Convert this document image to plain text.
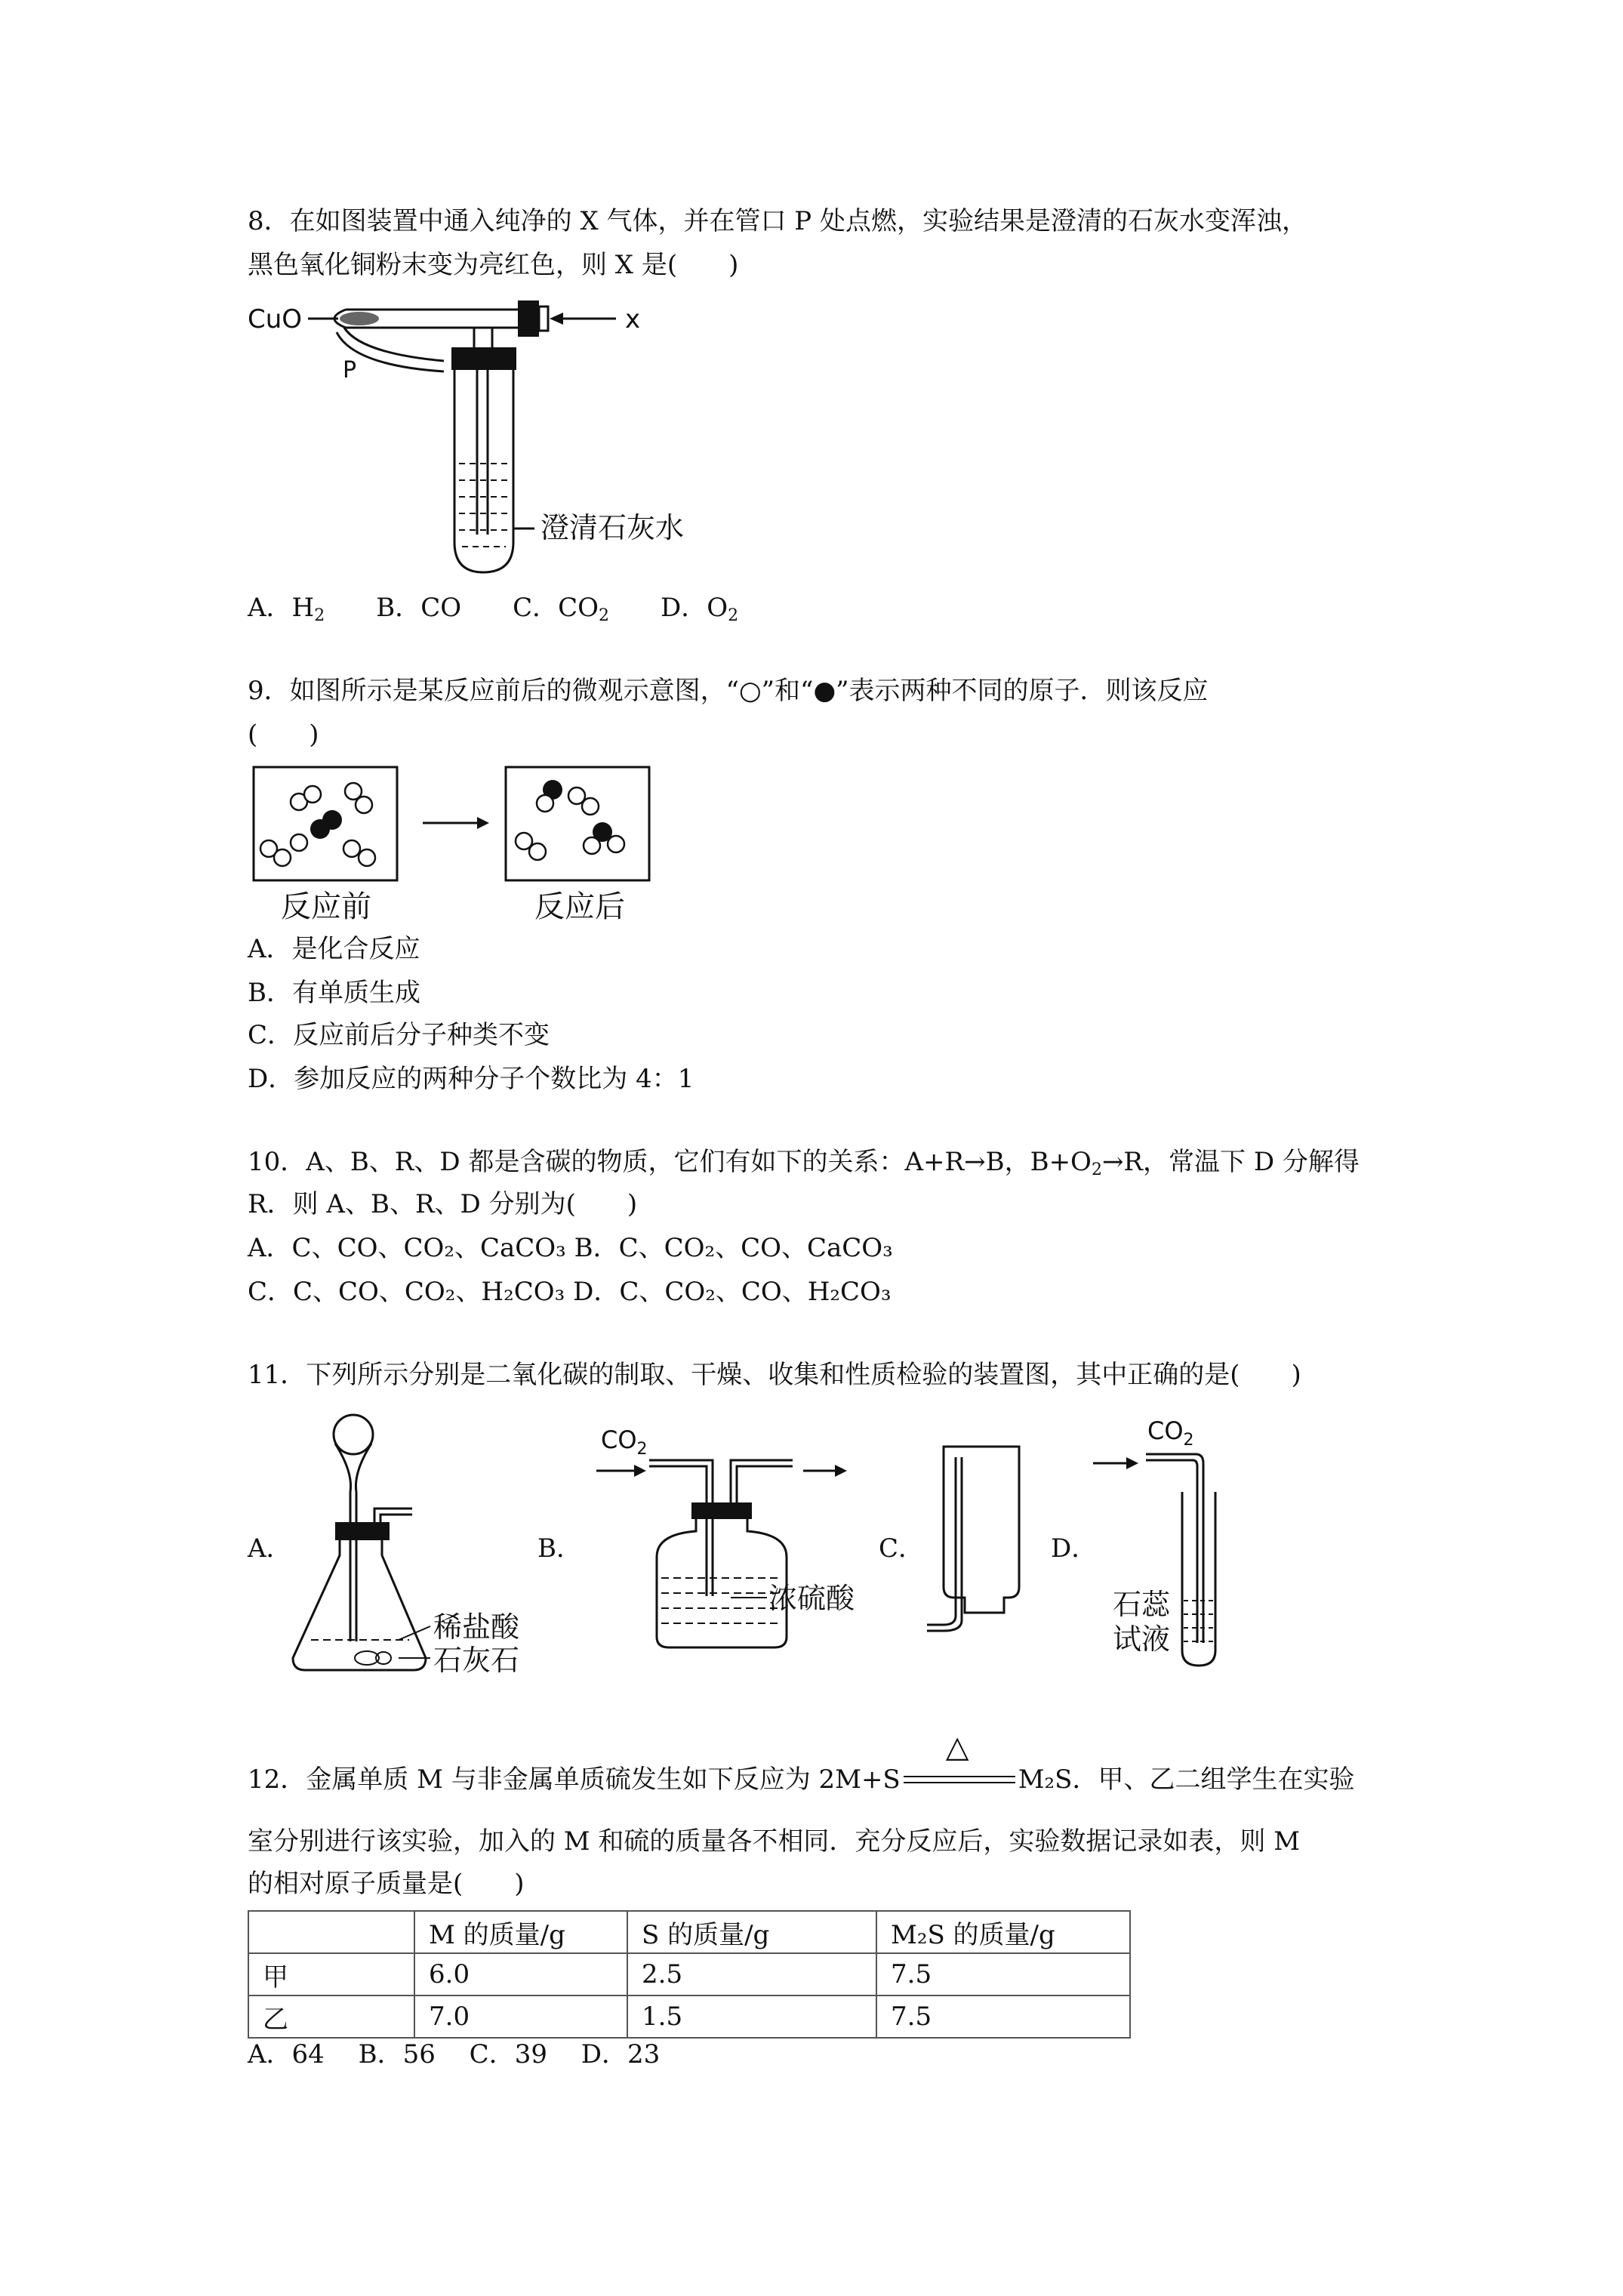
8．在如图装置中通入纯净的 X 气体，并在管口 P 处点燃，实验结果是澄清的石灰水变浑浊，
黑色氧化铜粉末变为亮红色，则 X 是(　　)
x
CuO
P
澄清石灰水
A．$H_2$　　 B．CO　　 C．$CO_2$　　 D．$O_2$
9．如图所示是某反应前后的微观示意图，“○”和“●”表示两种不同的原子．则该反应
(　　)
反应前	反应后
A．是化合反应
B．有单质生成
C．反应前后分子种类不变
D．参加反应的两种分子个数比为 4：1
10．A、B、R、D 都是含碳的物质，它们有如下的关系：A+R→B，$B+O_2\to R$，常温下 D 分解得
R．则 A、B、R、D 分别为(　　)
A．C、CO、CO₂、CaCO₃ B．C、CO₂、CO、CaCO₃
C．C、CO、CO₂、H₂CO₃ D．C、CO₂、CO、H₂CO₃
11．下列所示分别是二氧化碳的制取、干燥、收集和性质检验的装置图，其中正确的是(　　)
A．	B．	C．	D．
稀盐酸
石灰石
$CO_2$
浓硫酸
$CO_2$
石蕊
试液
12．金属单质 M 与非金属单质硫发生如下反应为 2M+S
△
M₂S．甲、乙二组学生在实验
室分别进行该实验，加入的 M 和硫的质量各不相同．充分反应后，实验数据记录如表，则 M
的相对原子质量是(　　)
	M 的质量/g	S 的质量/g	M₂S 的质量/g
甲	6.0	2.5	7.5
乙	7.0	1.5	7.5
A．64　 B．56　 C．39　 D．23
